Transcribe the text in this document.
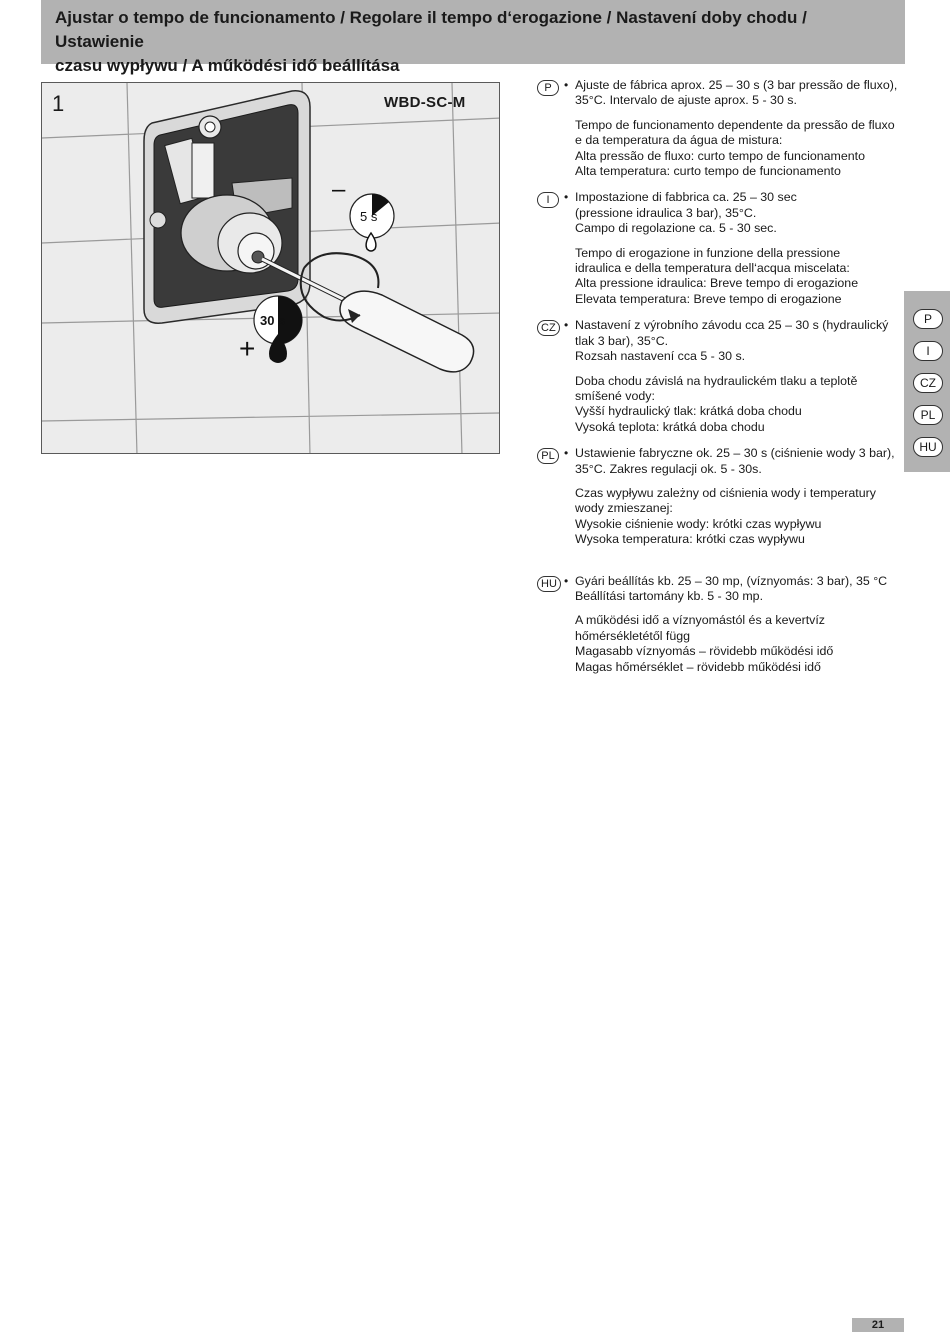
Ajustar o tempo de funcionamento / Regolare il tempo d‘erogazione / Nastavení doby chodu / Ustawienie

czasu wypływu / A működési idő beállítása

5 s
30 s
–
+
1	WBD-SC-M
P	• Ajuste de fábrica aprox. 25 – 30 s (3 bar pressão de fluxo),

35°C. Intervalo de ajuste aprox. 5 - 30 s.

Tempo de funcionamento dependente da pressão de fluxo

e da temperatura da água de mistura:

Alta pressão de fluxo: curto tempo de funcionamento

Alta temperatura: curto tempo de funcionamento

I	• Impostazione di fabbrica ca. 25 – 30 sec

(pressione idraulica 3 bar), 35°C.

Campo di regolazione ca. 5 - 30 sec.

Tempo di erogazione in funzione della pressione

idraulica e della temperatura dell‘acqua miscelata:

Alta pressione idraulica: Breve tempo di erogazione

Elevata temperatura: Breve tempo di erogazione

CZ • Nastavení z výrobního závodu cca 25 – 30 s (hydraulický

tlak 3 bar), 35°C.

Rozsah nastavení cca 5 - 30 s.

Doba chodu závislá na hydraulickém tlaku a teplotě

smíšené vody:

Vyšší hydraulický tlak: krátká doba chodu

Vysoká teplota: krátká doba chodu

PL • Ustawienie fabryczne ok. 25 – 30 s (ciśnienie wody 3 bar),

35°C. Zakres regulacji ok. 5 - 30s.

Czas wypływu zależny od ciśnienia wody i temperatury

wody zmieszanej:

Wysokie ciśnienie wody: krótki czas wypływu

Wysoka temperatura: krótki czas wypływu

HU • Gyári beállítás kb. 25 – 30 mp, (víznyomás: 3 bar), 35 °C

Beállítási tartomány kb. 5 - 30 mp.

A működési idő a víznyomástól és a kevertvíz

hőmérsékletétől függ

Magasabb víznyomás – rövidebb működési idő

Magas hőmérséklet – rövidebb működési idő

P
I
CZ
PL
HU
21
